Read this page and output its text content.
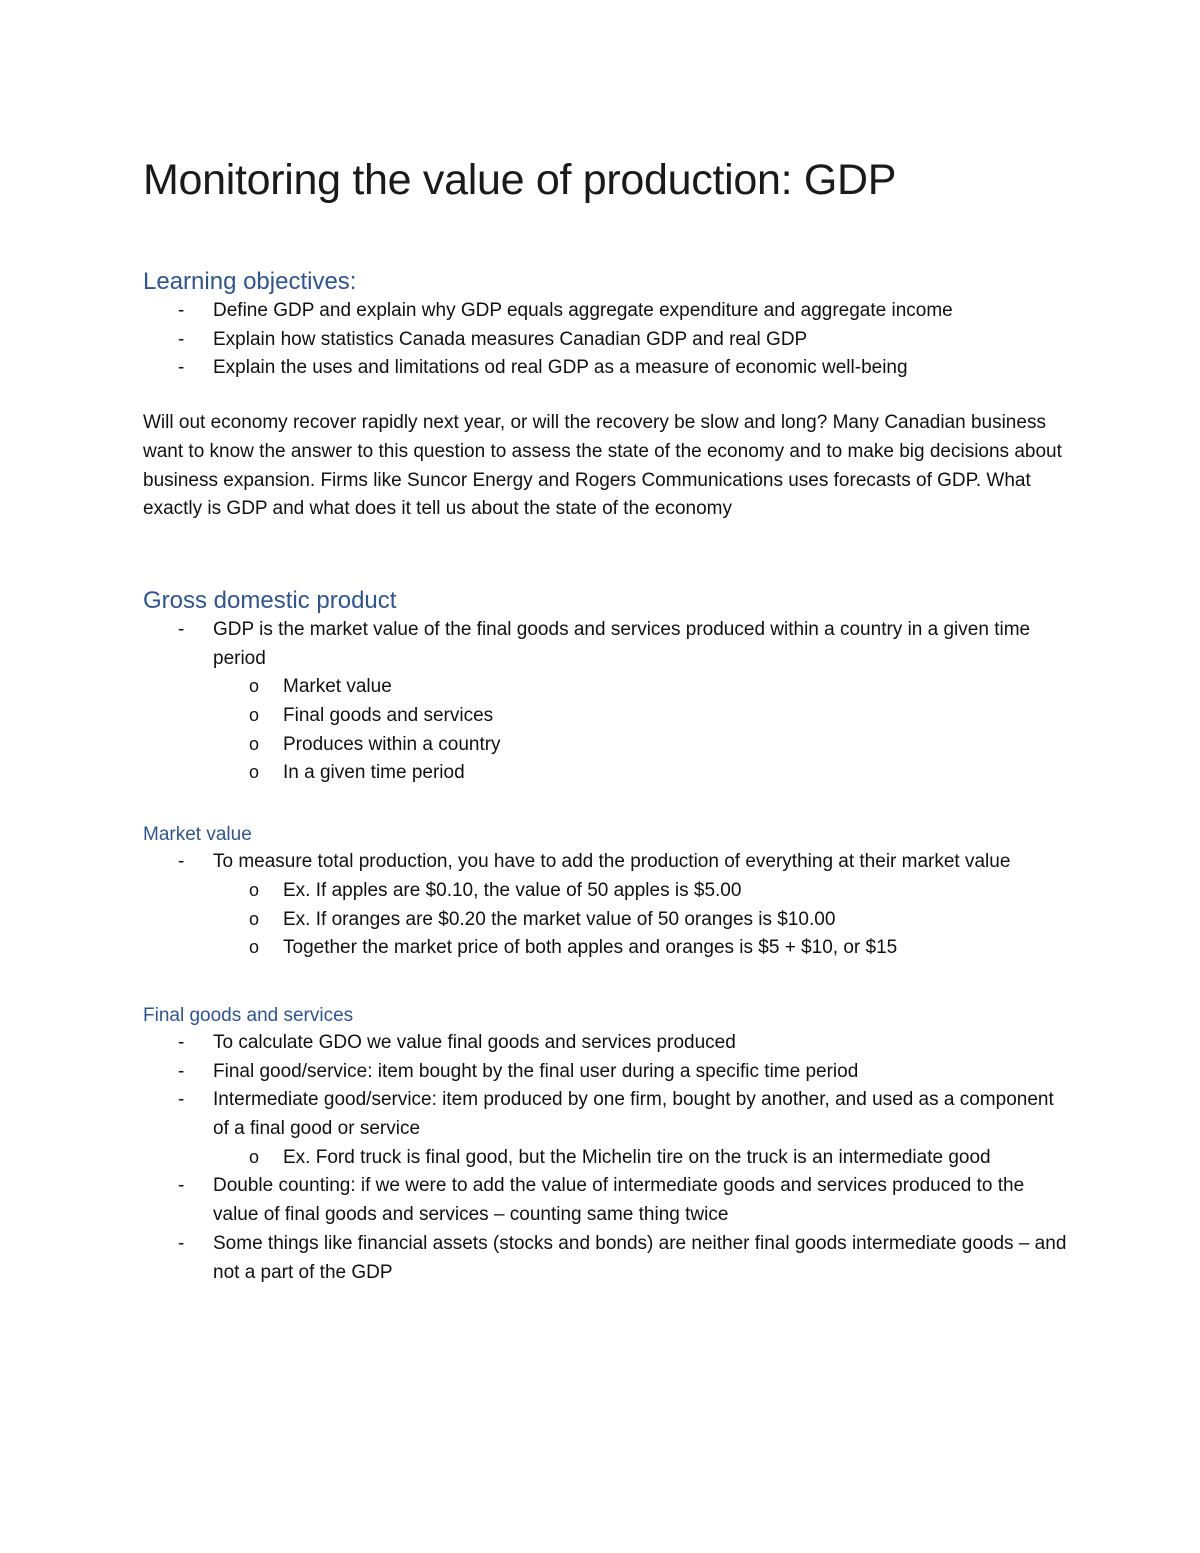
Monitoring the value of production: GDP
Learning objectives:
- Define GDP and explain why GDP equals aggregate expenditure and aggregate income
- Explain how statistics Canada measures Canadian GDP and real GDP
- Explain the uses and limitations od real GDP as a measure of economic well-being

Will out economy recover rapidly next year, or will the recovery be slow and long? Many Canadian business want to know the answer to this question to assess the state of the economy and to make big decisions about business expansion. Firms like Suncor Energy and Rogers Communications uses forecasts of GDP. What exactly is GDP and what does it tell us about the state of the economy

Gross domestic product
- GDP is the market value of the final goods and services produced within a country in a given time period
o Market value
o Final goods and services
o Produces within a country
o In a given time period
Market value
- To measure total production, you have to add the production of everything at their market value
o Ex. If apples are $0.10, the value of 50 apples is $5.00
o Ex. If oranges are $0.20 the market value of 50 oranges is $10.00
o Together the market price of both apples and oranges is $5 + $10, or $15
Final goods and services
- To calculate GDO we value final goods and services produced
- Final good/service: item bought by the final user during a specific time period
- Intermediate good/service: item produced by one firm, bought by another, and used as a component of a final good or service
o Ex. Ford truck is final good, but the Michelin tire on the truck is an intermediate good
- Double counting: if we were to add the value of intermediate goods and services produced to the value of final goods and services – counting same thing twice
- Some things like financial assets (stocks and bonds) are neither final goods intermediate goods – and not a part of the GDP
